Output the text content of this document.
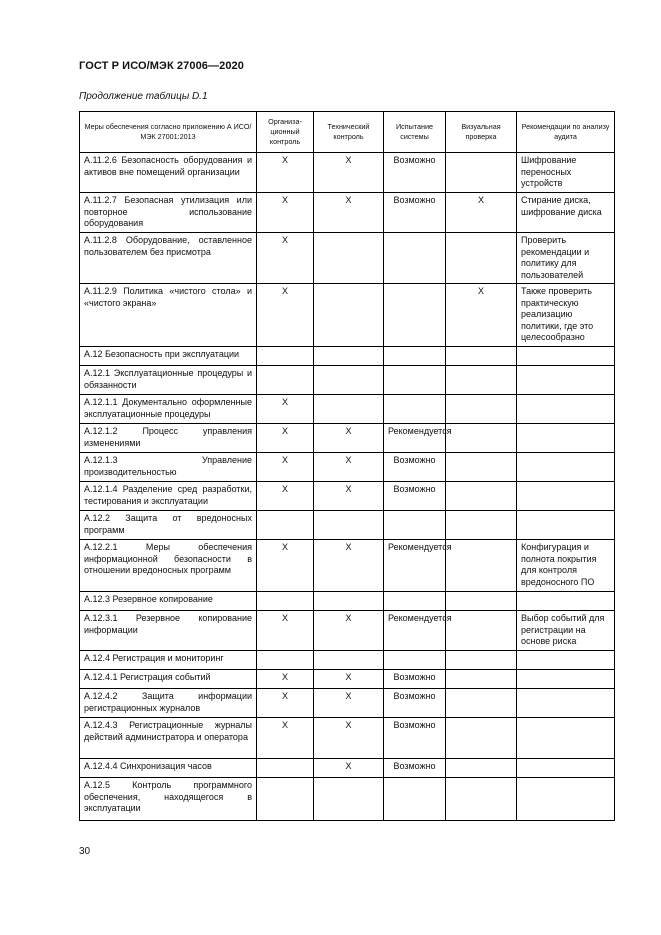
ГОСТ Р ИСО/МЭК 27006—2020
Продолжение таблицы D.1
Меры обеспечения согласно приложению А ИСО/МЭК 27001:2013	Организа-ционный контроль	Технический контроль	Испытание системы	Визуальная проверка	Рекомендации по анализу аудита
А.11.2.6 Безопасность оборудования и активов вне помещений организации	X	X	Возможно		Шифрование переносных устройств
А.11.2.7 Безопасная утилизация или повторное использование оборудования	X	X	Возможно	X	Стирание диска, шифрование диска
А.11.2.8 Оборудование, оставленное пользователем без присмотра	X				Проверить рекомендации и политику для пользователей
А.11.2.9 Политика «чистого стола» и «чистого экрана»	X			X	Также проверить практическую реализацию политики, где это целесообразно
А.12 Безопасность при эксплуатации					
А.12.1 Эксплуатационные процедуры и обязанности					
А.12.1.1 Документально оформленные эксплуатационные процедуры	X				
А.12.1.2 Процесс управления изменениями	X	X	Рекомендуется		
А.12.1.3 Управление производительностью	X	X	Возможно		
А.12.1.4 Разделение сред разработки, тестирования и эксплуатации	X	X	Возможно		
А.12.2 Защита от вредоносных программ					
А.12.2.1 Меры обеспечения информационной безопасности в отношении вредоносных программ	X	X	Рекомендуется		Конфигурация и полнота покрытия для контроля вредоносного ПО
А.12.3 Резервное копирование					
А.12.3.1 Резервное копирование информации	X	X	Рекомендуется		Выбор событий для регистрации на основе риска
А.12.4 Регистрация и мониторинг					
А.12.4.1 Регистрация событий	X	X	Возможно		
А.12.4.2 Защита информации регистрационных журналов	X	X	Возможно		
А.12.4.3 Регистрационные журналы действий администратора и оператора	X	X	Возможно		
А.12.4.4 Синхронизация часов		X	Возможно		
А.12.5 Контроль программного обеспечения, находящегося в эксплуатации					
30
